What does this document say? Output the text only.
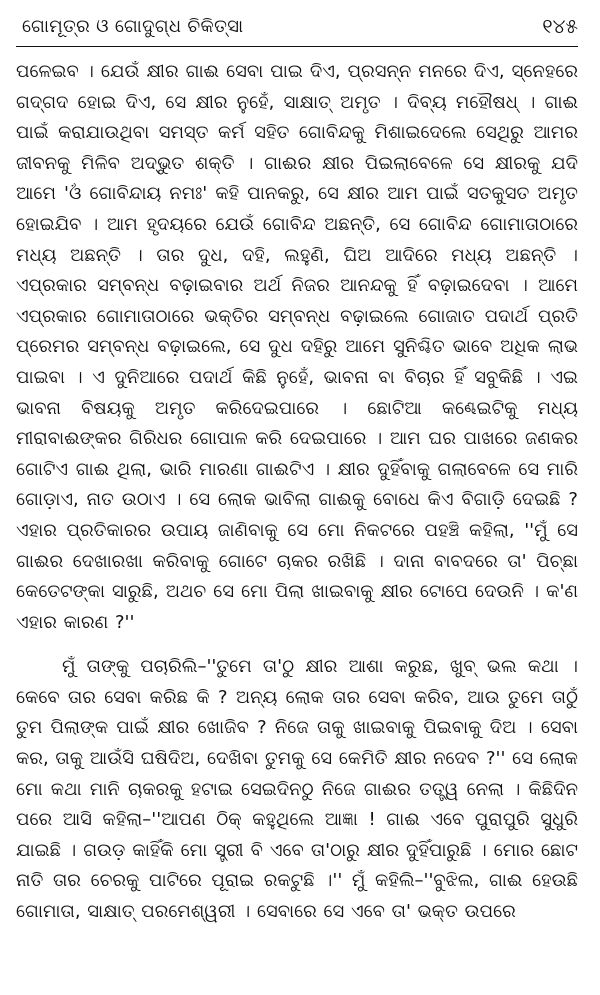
ଗୋମୂତ୍ର ଓ ଗୋଦୁଗ୍ଧ ଚିକିତ୍ସା	୧୪୫

ପଳେଇବ । ଯେଉଁ କ୍ଷୀର ଗାଈ ସେବା ପାଇ ଦିଏ, ପ୍ରସନ୍ନ ମନରେ ଦିଏ, ସ୍ନେହରେ ଗଦ୍‌ଗଦ ହୋଇ ଦିଏ, ସେ କ୍ଷୀର ନୁହେଁ, ସାକ୍ଷାତ୍ ଅମୃତ । ଦିବ୍ୟ ମହୌଷଧ୍ । ଗାଈ ପାଇଁ କରାଯାଉଥିବା ସମସ୍ତ କର୍ମ ସହିତ ଗୋବିନ୍ଦକୁ ମିଶାଇଦେଲେ ସେଥିରୁ ଆମର ଜୀବନକୁ ମିଳିବ ଅଦ୍ଭୁତ ଶକ୍ତି । ଗାଈର କ୍ଷୀର ପିଇଲାବେଳେ ସେ କ୍ଷୀରକୁ ଯଦି ଆମେ 'ଓଁ ଗୋବିନ୍ଦାୟ ନମଃ' କହି ପାନକରୁ, ସେ କ୍ଷୀର ଆମ ପାଇଁ ସତକୁସତ ଅମୃତ ହୋଇଯିବ । ଆମ ହୃଦୟରେ ଯେଉଁ ଗୋବିନ୍ଦ ଅଛନ୍ତି, ସେ ଗୋବିନ୍ଦ ଗୋମାତାଠାରେ ମଧ୍ୟ ଅଛନ୍ତି । ତାର ଦୁଧ, ଦହି, ଲହୁଣି, ଘିଅ ଆଦିରେ ମଧ୍ୟ ଅଛନ୍ତି । ଏପ୍ରକାର ସମ୍ବନ୍ଧ ବଢ଼ାଇବାର ଅର୍ଥ ନିଜର ଆନନ୍ଦକୁ ହିଁ ବଢ଼ାଇଦେବା । ଆମେ ଏପ୍ରକାର ଗୋମାତାଠାରେ ଭକ୍ତିର ସମ୍ବନ୍ଧ ବଢ଼ାଇଲେ ଗୋଜାତ ପଦାର୍ଥ ପ୍ରତି ପ୍ରେମର ସମ୍ବନ୍ଧ ବଢ଼ାଇଲେ, ସେ ଦୁଧ ଦହିରୁ ଆମେ ସୁନିଶ୍ଚିତ ଭାବେ ଅଧିକ ଲାଭ ପାଇବା । ଏ ଦୁନିଆରେ ପଦାର୍ଥ କିଛି ନୁହେଁ, ଭାବନା ବା ବିଚାର ହିଁ ସବୁକିଛି । ଏଇ ଭାବନା ବିଷୟକୁ ଅମୃତ କରିଦେଇପାରେ । ଛୋଟିଆ କଣ୍ଢେଇଟିକୁ ମଧ୍ୟ ମୀରାବାଈଙ୍କର ଗିରିଧର ଗୋପାଳ କରି ଦେଇପାରେ । ଆମ ଘର ପାଖରେ ଜଣକର ଗୋଟିଏ ଗାଈ ଥିଲା, ଭାରି ମାରଣା ଗାଈଟିଏ । କ୍ଷୀର ଦୁହିଁବାକୁ ଗଲାବେଳେ ସେ ମାରି ଗୋଡ଼ାଏ, ନାତ ଉଠାଏ । ସେ ଲୋକ ଭାବିଲା ଗାଈକୁ ବୋଧେ କିଏ ବିଗାଡ଼ି ଦେଇଛି ? ଏହାର ପ୍ରତିକାରର ଉପାୟ ଜାଣିବାକୁ ସେ ମୋ ନିକଟରେ ପହଞ୍ଚି କହିଲା, ''ମୁଁ ସେ ଗାଈର ଦେଖାରଖା କରିବାକୁ ଗୋଟେ ଚାକର ରଖିଛି । ଦାନା ବାବଦରେ ତା' ପିଚ୍ଛା କେତେଟଙ୍କା ସାରୁଛି, ଅଥଚ ସେ ମୋ ପିଲା ଖାଇବାକୁ କ୍ଷୀର ଟୋପେ ଦେଉନି । କ'ଣ ଏହାର କାରଣ ?''

ମୁଁ ତାଙ୍କୁ ପଚାରିଲି–''ତୁମେ ତା'ଠୁ କ୍ଷୀର ଆଶା କରୁଛ, ଖୁବ୍ ଭଲ କଥା । କେବେ ତାର ସେବା କରିଛ କି ? ଅନ୍ୟ ଲୋକ ତାର ସେବା କରିବ, ଆଉ ତୁମେ ତାଠୁଁ ତୁମ ପିଲାଙ୍କ ପାଇଁ କ୍ଷୀର ଖୋଜିବ ? ନିଜେ ତାକୁ ଖାଇବାକୁ ପିଇବାକୁ ଦିଅ । ସେବା କର, ତାକୁ ଆଉଁସି ଘଷିଦିଅ, ଦେଖିବା ତୁମକୁ ସେ କେମିତି କ୍ଷୀର ନଦେବ ?'' ସେ ଲୋକ ମୋ କଥା ମାନି ଚାକରକୁ ହଟାଇ ସେଇଦିନଠୁ ନିଜେ ଗାଈର ତତ୍ତ୍ୱ ନେଲା । କିଛିଦିନ ପରେ ଆସି କହିଲା–''ଆପଣ ଠିକ୍ କହୁଥିଲେ ଆଜ୍ଞା ! ଗାଈ ଏବେ ପୁରାପୁରି ସୁଧୁରି ଯାଇଛି । ଗଉଡ଼ କାହିଁକି ମୋ ସ୍ତ୍ରୀ ବି ଏବେ ତା'ଠାରୁ କ୍ଷୀର ଦୁହିଁପାରୁଛି । ମୋର ଛୋଟ ନାତି ତାର ଚେରକୁ ପାଟିରେ ପୂରାଇ ରକଟୁଛି ।'' ମୁଁ କହିଲି–''ବୁଝିଲ, ଗାଈ ହେଉଛି ଗୋମାତା, ସାକ୍ଷାତ୍ ପରମେଶ୍ୱରୀ । ସେବାରେ ସେ ଏବେ ତା' ଭକ୍ତ ଉପରେ
